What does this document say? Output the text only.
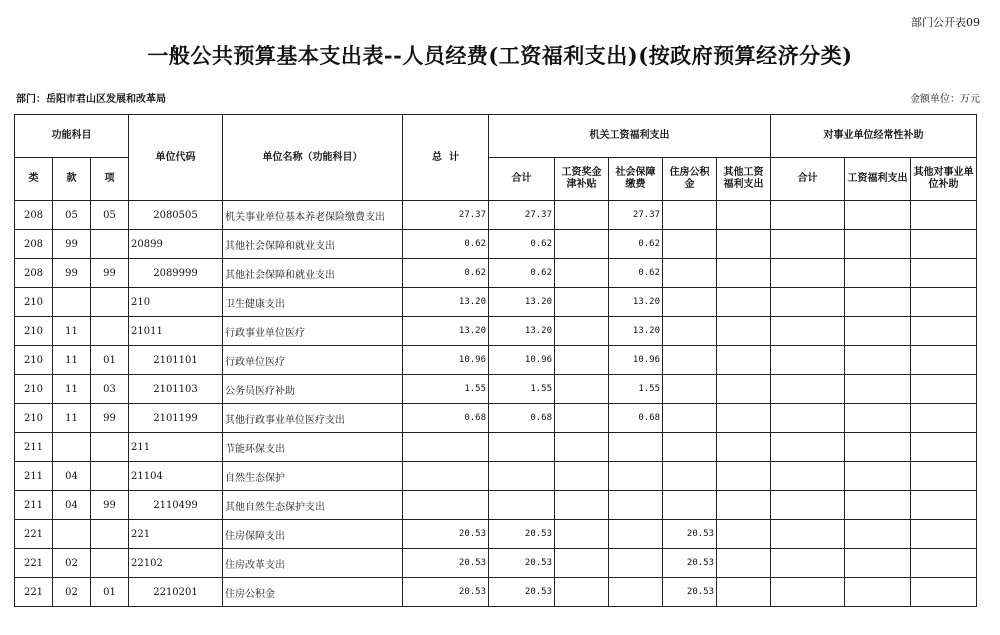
部门公开表09
一般公共预算基本支出表--人员经费(工资福利支出)(按政府预算经济分类)
部门：岳阳市君山区发展和改革局	金额单位：万元
功能科目			单位代码	单位名称（功能科目）	总  计	机关工资福利支出					对事业单位经常性补助		
类	款	项				合计	工资奖金津补贴	社会保障缴费	住房公积金	其他工资福利支出	合计	工资福利支出	其他对事业单位补助
208	05	05	2080505	机关事业单位基本养老保险缴费支出	27.37	27.37		27.37					
208	99		20899	其他社会保障和就业支出	0.62	0.62		0.62					
208	99	99	2089999	其他社会保障和就业支出	0.62	0.62		0.62					
210			210	卫生健康支出	13.20	13.20		13.20					
210	11		21011	行政事业单位医疗	13.20	13.20		13.20					
210	11	01	2101101	行政单位医疗	10.96	10.96		10.96					
210	11	03	2101103	公务员医疗补助	1.55	1.55		1.55					
210	11	99	2101199	其他行政事业单位医疗支出	0.68	0.68		0.68					
211			211	节能环保支出									
211	04		21104	自然生态保护									
211	04	99	2110499	其他自然生态保护支出									
221			221	住房保障支出	20.53	20.53			20.53				
221	02		22102	住房改革支出	20.53	20.53			20.53				
221	02	01	2210201	住房公积金	20.53	20.53			20.53				
